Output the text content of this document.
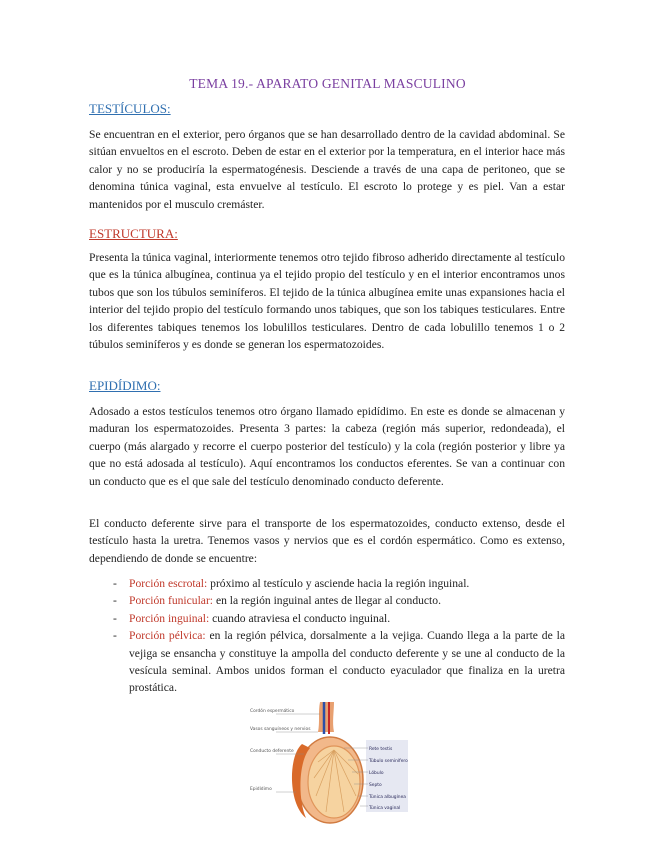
TEMA 19.- APARATO GENITAL MASCULINO
TESTÍCULOS:

Se encuentran en el exterior, pero órganos que se han desarrollado dentro de la cavidad abdominal. Se sitúan envueltos en el escroto. Deben de estar en el exterior por la temperatura, en el interior hace más calor y no se produciría la espermatogénesis. Desciende a través de una capa de peritoneo, que se denomina túnica vaginal, esta envuelve al testículo. El escroto lo protege y es piel. Van a estar mantenidos por el musculo cremáster.

ESTRUCTURA:

Presenta la túnica vaginal, interiormente tenemos otro tejido fibroso adherido directamente al testículo que es la túnica albugínea, continua ya el tejido propio del testículo y en el interior encontramos unos tubos que son los túbulos seminíferos. El tejido de la túnica albugínea emite unas expansiones hacia el interior del tejido propio del testículo formando unos tabiques, que son los tabiques testiculares. Entre los diferentes tabiques tenemos los lobulillos testiculares. Dentro de cada lobulillo tenemos 1 o 2 túbulos seminíferos y es donde se generan los espermatozoides.

EPIDÍDIMO:

Adosado a estos testículos tenemos otro órgano llamado epidídimo. En este es donde se almacenan y maduran los espermatozoides. Presenta 3 partes: la cabeza (región más superior, redondeada), el cuerpo (más alargado y recorre el cuerpo posterior del testículo) y la cola (región posterior y libre ya que no está adosada al testículo). Aquí encontramos los conductos eferentes. Se van a continuar con un conducto que es el que sale del testículo denominado conducto deferente.

El conducto deferente sirve para el transporte de los espermatozoides, conducto extenso, desde el testículo hasta la uretra. Tenemos vasos y nervios que es el cordón espermático. Como es extenso, dependiendo de donde se encuentre:

- Porción escrotal: próximo al testículo y asciende hacia la región inguinal.
- Porción funicular: en la región inguinal antes de llegar al conducto.
- Porción inguinal: cuando atraviesa el conducto inguinal.
- Porción pélvica: en la región pélvica, dorsalmente a la vejiga. Cuando llega a la parte de la vejiga se ensancha y constituye la ampolla del conducto deferente y se une al conducto de la vesícula seminal. Ambos unidos forman el conducto eyaculador que finaliza en la uretra prostática.
Cordón espermático
Vasos sanguíneos y nervios
Conducto deferente
Epidídimo
Rete testis
Túbulo seminífero
Lóbulo
Septo
Túnica albugínea
Túnica vaginal
